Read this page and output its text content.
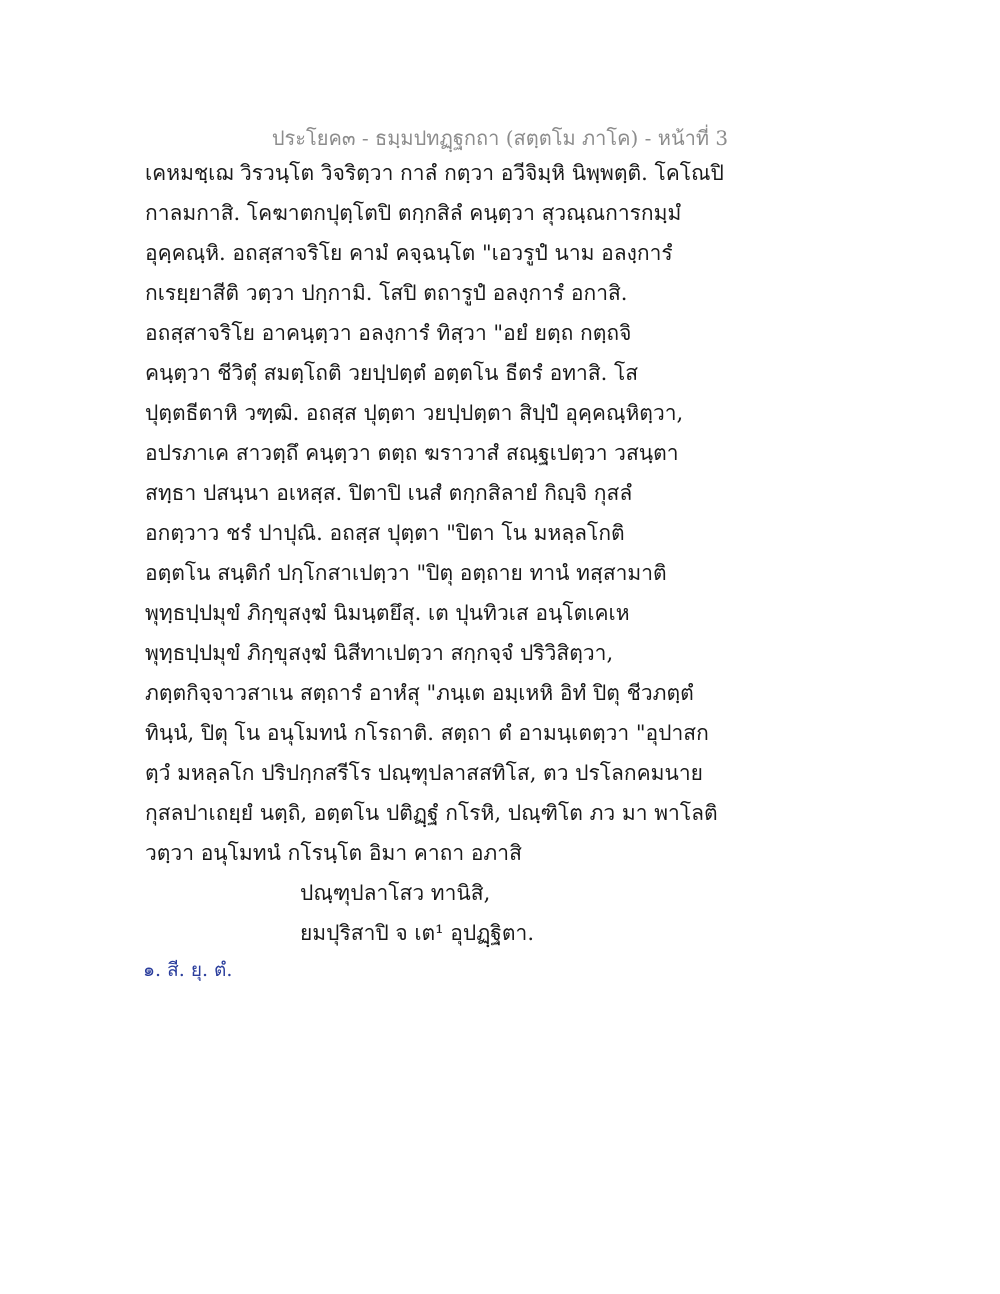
ประโยค๓ - ธมฺมปทฏฺฐกถา (สตฺตโม ภาโค) - หน้าที่ 3
เคหมชฺเฌ วิรวนฺโต วิจริตฺวา กาลํ กตฺวา อวีจิมฺหิ นิพฺพตฺติ. โคโณปิ
กาลมกาสิ. โคฆาตกปุตฺโตปิ ตกฺกสิลํ คนฺตฺวา สุวณฺณการกมฺมํ
อุคฺคณฺหิ. อถสฺสาจริโย คามํ คจฺฉนฺโต "เอวรูปํ นาม อลงฺการํ
กเรยฺยาสีติ วตฺวา ปกฺกามิ. โสปิ ตถารูปํ อลงฺการํ อกาสิ.
อถสฺสาจริโย อาคนฺตฺวา อลงฺการํ ทิสฺวา "อยํ ยตฺถ กตฺถจิ
คนฺตฺวา ชีวิตุํ สมตฺโถติ วยปฺปตฺตํ อตฺตโน ธีตรํ อทาสิ. โส
ปุตฺตธีตาหิ วฑฺฒิ. อถสฺส ปุตฺตา วยปฺปตฺตา สิปฺปํ อุคฺคณฺหิตฺวา,
อปรภาเค สาวตฺถึ คนฺตฺวา ตตฺถ ฆราวาสํ สณฺฐเปตฺวา วสนฺตา
สทฺธา ปสนฺนา อเหสฺส. ปิตาปิ เนสํ ตกฺกสิลายํ กิญฺจิ กุสลํ
อกตฺวาว ชรํ ปาปุณิ. อถสฺส ปุตฺตา "ปิตา โน มหลฺลโกติ
อตฺตโน สนฺติกํ ปกฺโกสาเปตฺวา "ปิตุ อตฺถาย ทานํ ทสฺสามาติ
พุทฺธปฺปมุขํ ภิกฺขุสงฺฆํ นิมนฺตยึสุ. เต ปุนทิวเส อนฺโตเคเห
พุทฺธปฺปมุขํ ภิกฺขุสงฺฆํ นิสีทาเปตฺวา สกฺกจฺจํ ปริวิสิตฺวา,
ภตฺตกิจฺจาวสาเน สตฺถารํ อาหํสุ "ภนฺเต อมฺเหหิ อิทํ ปิตุ ชีวภตฺตํ
ทินฺนํ, ปิตุ โน อนุโมทนํ กโรถาติ. สตฺถา ตํ อามนฺเตตฺวา "อุปาสก
ตฺวํ มหลฺลโก ปริปกฺกสรีโร ปณฺฑุปลาสสทิโส, ตว ปรโลกคมนาย
กุสลปาเถยฺยํ นตฺถิ, อตฺตโน ปติฏฺฐํ กโรหิ, ปณฺฑิโต ภว มา พาโลติ
วตฺวา อนุโมทนํ กโรนฺโต อิมา คาถา อภาสิ
ปณฺฑุปลาโสว ทานิสิ,
ยมปุริสาปิ จ เต¹ อุปฏฺฐิตา.
๑. สี. ยุ. ตํ.
